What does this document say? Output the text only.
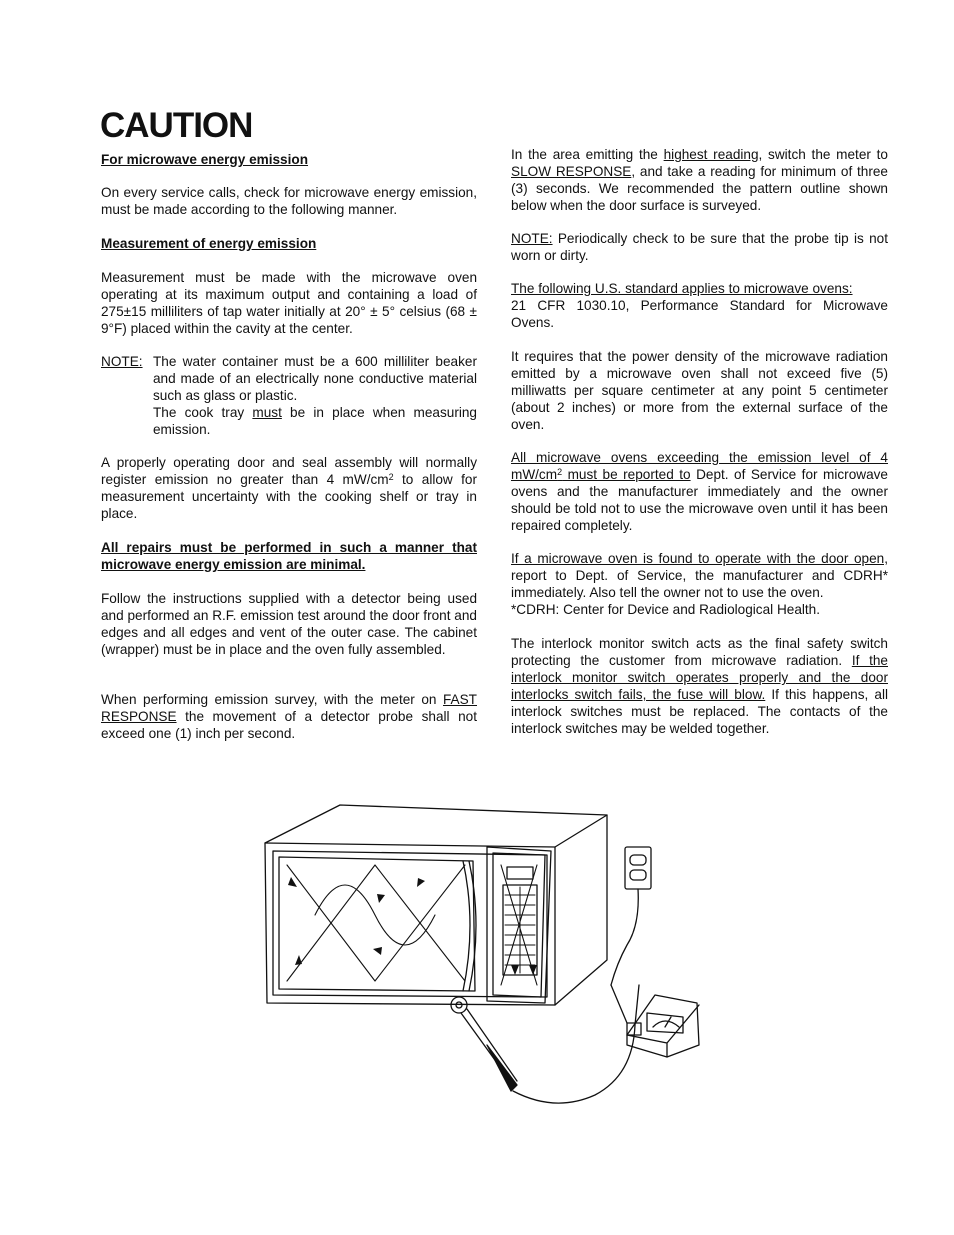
CAUTION

For microwave energy emission

On every service calls, check for microwave energy emission, must be made according to the following manner.

Measurement of energy emission

Measurement must be made with the microwave oven operating at its maximum output and containing a load of 275±15 milliliters of tap water initially at 20° ± 5° celsius (68 ± 9°F) placed within the cavity at the center.

NOTE: The water container must be a 600 milliliter beaker and made of an electrically none conductive material such as glass or plastic.

The cook tray must be in place when measuring emission.

A properly operating door and seal assembly will normally register emission no greater than 4 $mW/cm^2$ to allow for measurement uncertainty with the cooking shelf or tray in place.

All repairs must be performed in such a manner that microwave energy emission are minimal.

Follow the instructions supplied with a detector being used and performed an R.F. emission test around the door front and edges and all edges and vent of the outer case. The cabinet (wrapper) must be in place and the oven fully assembled.

When performing emission survey, with the meter on FAST RESPONSE the movement of a detector probe shall not exceed one (1) inch per second.

In the area emitting the highest reading, switch the meter to SLOW RESPONSE, and take a reading for minimum of three (3) seconds. We recommended the pattern outline shown below when the door surface is surveyed.

NOTE: Periodically check to be sure that the probe tip is not worn or dirty.

The following U.S. standard applies to microwave ovens:
21 CFR 1030.10, Performance Standard for Microwave Ovens.

It requires that the power density of the microwave radiation emitted by a microwave oven shall not exceed five (5) milliwatts per square centimeter at any point 5 centimeter (about 2 inches) or more from the external surface of the oven.

All microwave ovens exceeding the emission level of 4 $mW/cm^2$ must be reported to Dept. of Service for microwave ovens and the manufacturer immediately and the owner should be told not to use the microwave oven until it has been repaired completely.

If a microwave oven is found to operate with the door open, report to Dept. of Service, the manufacturer and CDRH* immediately. Also tell the owner not to use the oven.
*CDRH: Center for Device and Radiological Health.

The interlock monitor switch acts as the final safety switch protecting the customer from microwave radiation. If the interlock monitor switch operates properly and the door interlocks switch fails, the fuse will blow. If this happens, all interlock switches must be replaced. The contacts of the interlock switches may be welded together.
